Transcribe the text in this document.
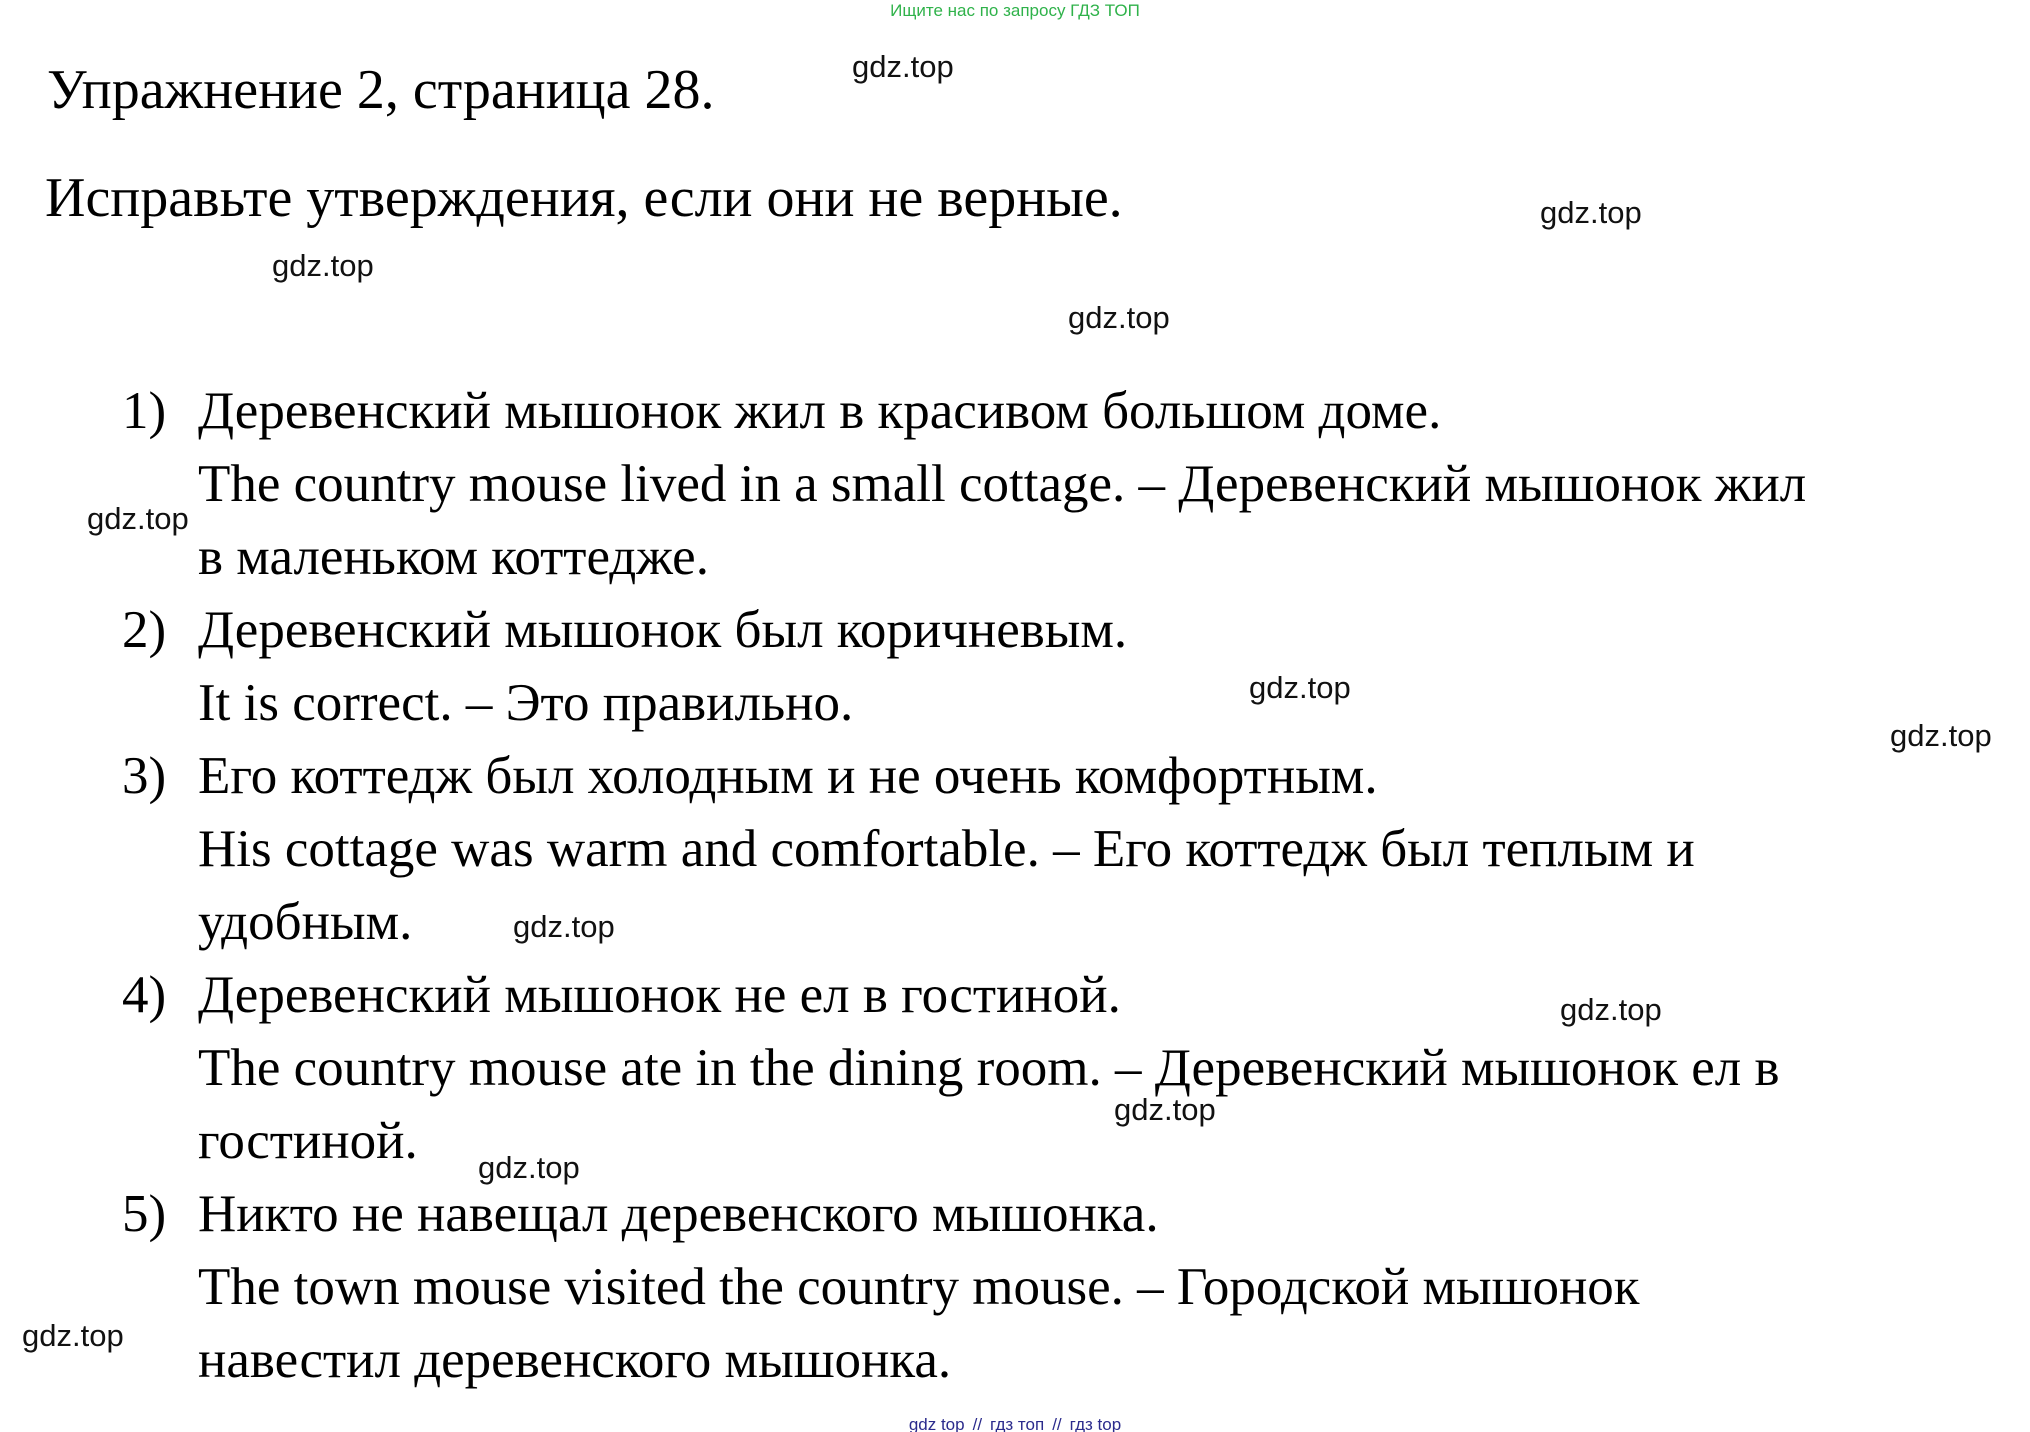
Ищите нас по запросу ГДЗ ТОП
Упражнение 2, страница 28.
Исправьте утверждения, если они не верные.
1) Деревенский мышонок жил в красивом большом доме.
The country mouse lived in a small cottage. – Деревенский мышонок жил
в маленьком коттедже.
2) Деревенский мышонок был коричневым.
It is correct. – Это правильно.
3) Его коттедж был холодным и не очень комфортным.
His cottage was warm and comfortable. – Его коттедж был теплым и
удобным.
4) Деревенский мышонок не ел в гостиной.
The country mouse ate in the dining room. – Деревенский мышонок ел в
гостиной.
5) Никто не навещал деревенского мышонка.
The town mouse visited the country mouse. – Городской мышонок
навестил деревенского мышонка.
gdz.top
gdz.top
gdz.top
gdz.top
gdz.top
gdz.top
gdz.top
gdz.top
gdz.top
gdz.top
gdz.top
gdz.top
gdz top // гдз топ // гдз top
